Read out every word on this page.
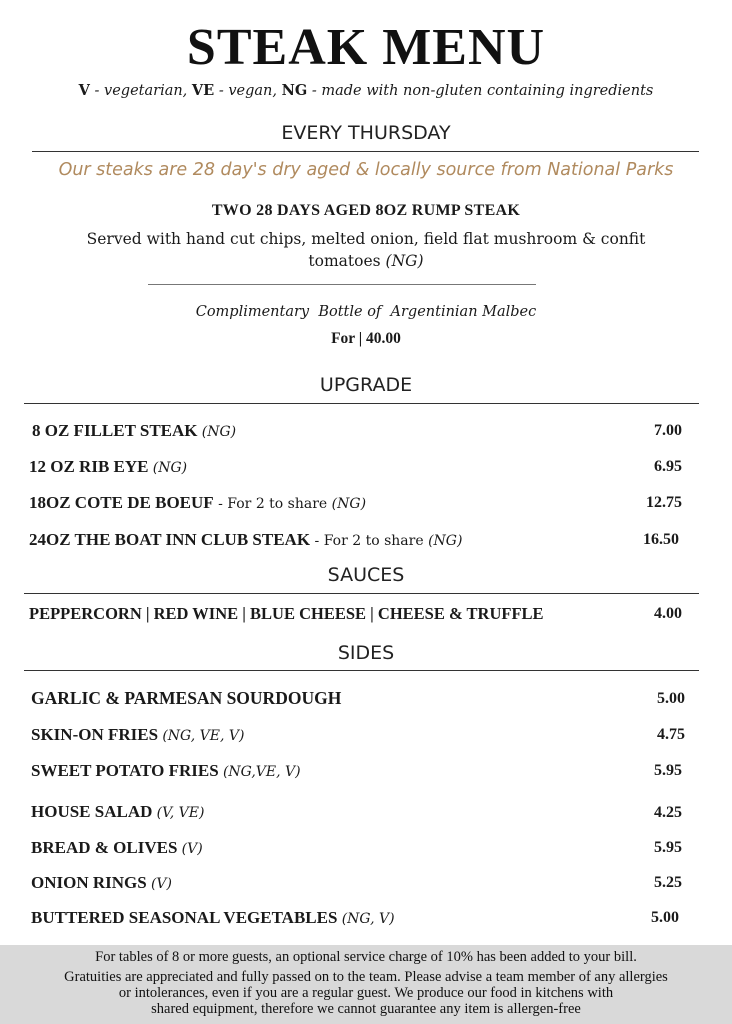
STEAK MENU
V - vegetarian, VE - vegan, NG - made with non-gluten containing ingredients
EVERY THURSDAY
Our steaks are 28 day's dry aged & locally source from National Parks
TWO 28 DAYS AGED 8OZ RUMP STEAK
Served with hand cut chips, melted onion, field flat mushroom & confit
tomatoes (NG)
Complimentary  Bottle of  Argentinian Malbec
For | 40.00
UPGRADE
8 OZ FILLET STEAK (NG)	7.00
12 OZ RIB EYE (NG)	6.95
18OZ COTE DE BOEUF - For 2 to share (NG)	12.75
24OZ THE BOAT INN CLUB STEAK - For 2 to share (NG)	16.50
SAUCES
PEPPERCORN | RED WINE | BLUE CHEESE | CHEESE & TRUFFLE	4.00
SIDES
GARLIC & PARMESAN SOURDOUGH	5.00
SKIN-ON FRIES (NG, VE, V)	4.75
SWEET POTATO FRIES (NG,VE, V)	5.95
HOUSE SALAD (V, VE)	4.25
BREAD & OLIVES (V)	5.95
ONION RINGS (V)	5.25
BUTTERED SEASONAL VEGETABLES (NG, V)	5.00

For tables of 8 or more guests, an optional service charge of 10% has been added to your bill.

Gratuities are appreciated and fully passed on to the team. Please advise a team member of any allergies

or intolerances, even if you are a regular guest. We produce our food in kitchens with

shared equipment, therefore we cannot guarantee any item is allergen-free
